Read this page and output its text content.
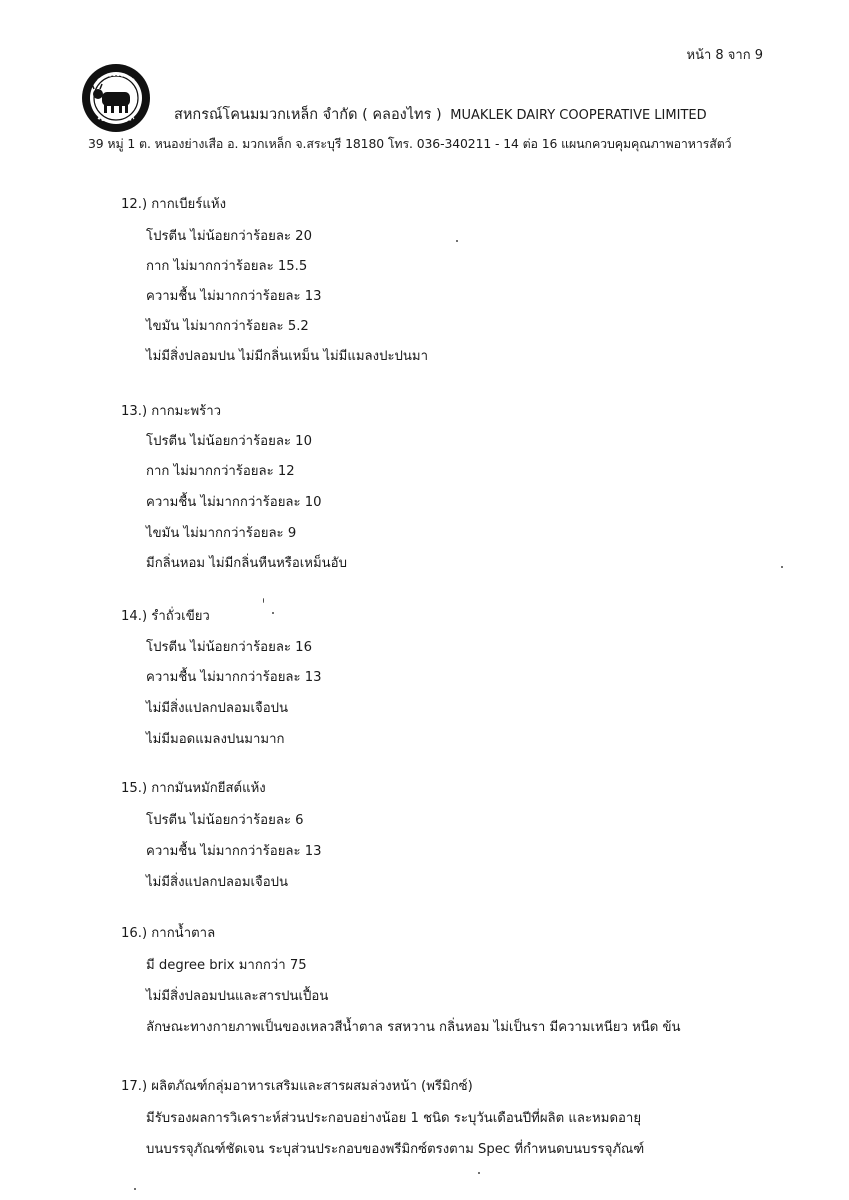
หน้า 8 จาก 9
สหกรณ์โคนมมวกเหล็ก จำกัด ( คลองไทร ) MUAKLEK DAIRY COOPERATIVE LIMITED
39 หมู่ 1 ต. หนองย่างเสือ อ. มวกเหล็ก จ.สระบุรี 18180 โทร. 036-340211 - 14 ต่อ 16 แผนกควบคุมคุณภาพอาหารสัตว์
12.) กากเบียร์แห้ง
โปรตีน ไม่น้อยกว่าร้อยละ 20
กาก ไม่มากกว่าร้อยละ 15.5
ความชื้น ไม่มากกว่าร้อยละ 13
ไขมัน ไม่มากกว่าร้อยละ 5.2
ไม่มีสิ่งปลอมปน ไม่มีกลิ่นเหม็น ไม่มีแมลงปะปนมา
13.) กากมะพร้าว
โปรตีน ไม่น้อยกว่าร้อยละ 10
กาก ไม่มากกว่าร้อยละ 12
ความชื้น ไม่มากกว่าร้อยละ 10
ไขมัน ไม่มากกว่าร้อยละ 9
มีกลิ่นหอม ไม่มีกลิ่นหืนหรือเหม็นอับ
14.) รำถั่วเขียว
โปรตีน ไม่น้อยกว่าร้อยละ 16
ความชื้น ไม่มากกว่าร้อยละ 13
ไม่มีสิ่งแปลกปลอมเจือปน
ไม่มีมอดแมลงปนมามาก
15.) กากมันหมักยีสต์แห้ง
โปรตีน ไม่น้อยกว่าร้อยละ 6
ความชื้น ไม่มากกว่าร้อยละ 13
ไม่มีสิ่งแปลกปลอมเจือปน
16.) กากน้ำตาล
มี degree brix มากกว่า 75
ไม่มีสิ่งปลอมปนและสารปนเปื้อน
ลักษณะทางกายภาพเป็นของเหลวสีน้ำตาล รสหวาน กลิ่นหอม ไม่เป็นรา มีความเหนียว หนืด ข้น
17.) ผลิตภัณฑ์กลุ่มอาหารเสริมและสารผสมล่วงหน้า (พรีมิกซ์)
มีรับรองผลการวิเคราะห์ส่วนประกอบอย่างน้อย 1 ชนิด ระบุวันเดือนปีที่ผลิต และหมดอายุ
บนบรรจุภัณฑ์ชัดเจน ระบุส่วนประกอบของพรีมิกซ์ตรงตาม Spec ที่กำหนดบนบรรจุภัณฑ์
